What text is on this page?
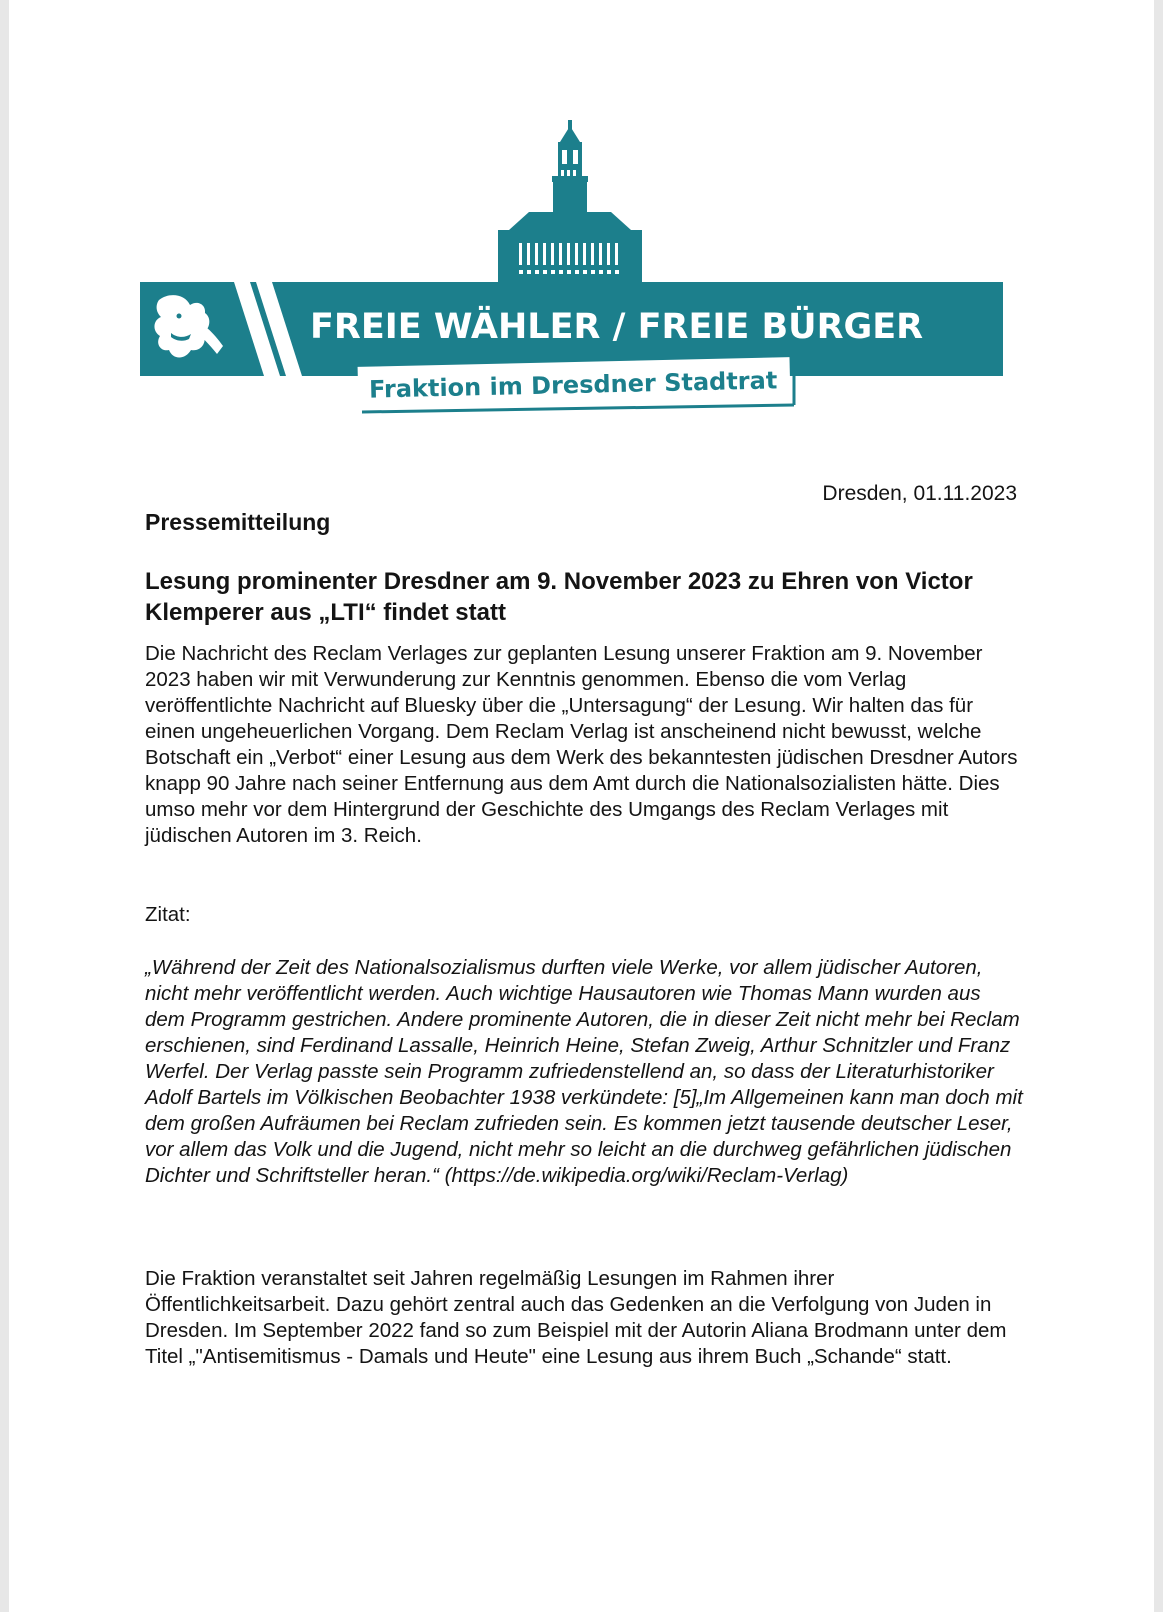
FREIE WÄHLER / FREIE BÜRGER
Fraktion im Dresdner Stadtrat
Dresden, 01.11.2023
Pressemitteilung
Lesung prominenter Dresdner am 9. November 2023 zu Ehren von Victor Klemperer aus „LTI“ findet statt

Die Nachricht des Reclam Verlages zur geplanten Lesung unserer Fraktion am 9. November 2023 haben wir mit Verwunderung zur Kenntnis genommen. Ebenso die vom Verlag veröffentlichte Nachricht auf Bluesky über die „Untersagung“ der Lesung. Wir halten das für einen ungeheuerlichen Vorgang. Dem Reclam Verlag ist anscheinend nicht bewusst, welche Botschaft ein „Verbot“ einer Lesung aus dem Werk des bekanntesten jüdischen Dresdner Autors knapp 90 Jahre nach seiner Entfernung aus dem Amt durch die Nationalsozialisten hätte. Dies umso mehr vor dem Hintergrund der Geschichte des Umgangs des Reclam Verlages mit jüdischen Autoren im 3. Reich.

Zitat:

„Während der Zeit des Nationalsozialismus durften viele Werke, vor allem jüdischer Autoren, nicht mehr veröffentlicht werden. Auch wichtige Hausautoren wie Thomas Mann wurden aus dem Programm gestrichen. Andere prominente Autoren, die in dieser Zeit nicht mehr bei Reclam erschienen, sind Ferdinand Lassalle, Heinrich Heine, Stefan Zweig, Arthur Schnitzler und Franz Werfel. Der Verlag passte sein Programm zufriedenstellend an, so dass der Literaturhistoriker Adolf Bartels im Völkischen Beobachter 1938 verkündete: [5]„Im Allgemeinen kann man doch mit dem großen Aufräumen bei Reclam zufrieden sein. Es kommen jetzt tausende deutscher Leser, vor allem das Volk und die Jugend, nicht mehr so leicht an die durchweg gefährlichen jüdischen Dichter und Schriftsteller heran.“ (https://de.wikipedia.org/wiki/Reclam-Verlag)

Die Fraktion veranstaltet seit Jahren regelmäßig Lesungen im Rahmen ihrer Öffentlichkeitsarbeit. Dazu gehört zentral auch das Gedenken an die Verfolgung von Juden in Dresden. Im September 2022 fand so zum Beispiel mit der Autorin Aliana Brodmann unter dem Titel „"Antisemitismus - Damals und Heute" eine Lesung aus ihrem Buch „Schande“ statt.
